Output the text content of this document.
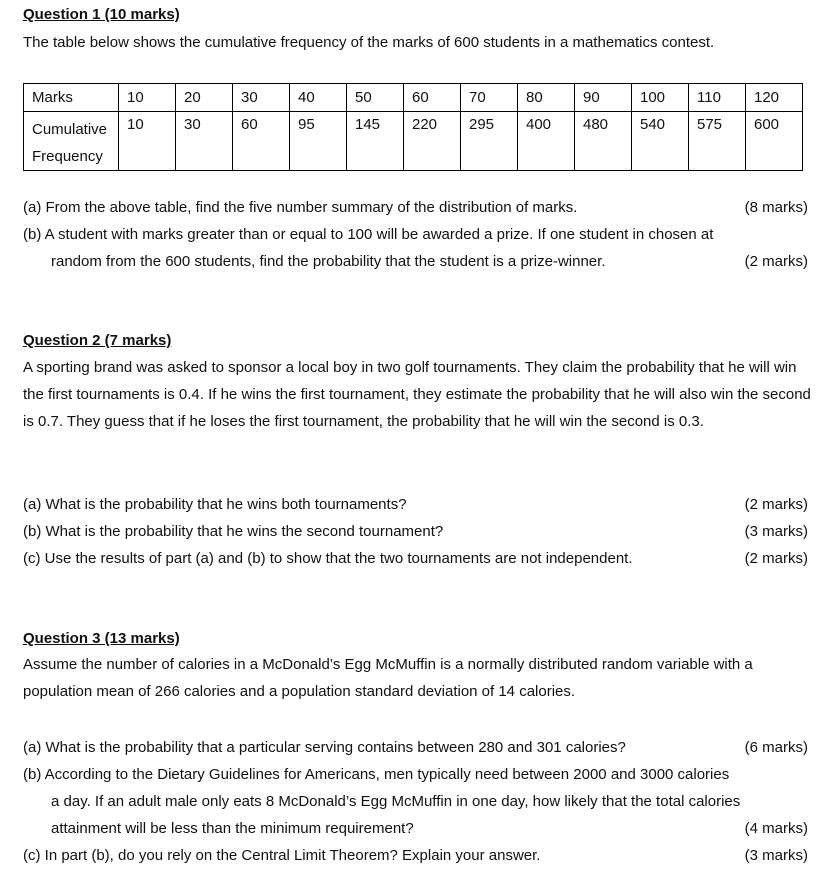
Question 1 (10 marks)
The table below shows the cumulative frequency of the marks of 600 students in a mathematics contest.
Marks	10	20	30	40	50	60	70	80	90	100	110	120
Cumulative
Frequency	10	30	60	95	145	220	295	400	480	540	575	600
(a) From the above table, find the five number summary of the distribution of marks.	(8 marks)
(b) A student with marks greater than or equal to 100 will be awarded a prize. If one student in chosen at
random from the 600 students, find the probability that the student is a prize-winner.	(2 marks)
Question 2 (7 marks)
A sporting brand was asked to sponsor a local boy in two golf tournaments. They claim the probability that he will win the first tournaments is 0.4. If he wins the first tournament, they estimate the probability that he will also win the second is 0.7. They guess that if he loses the first tournament, the probability that he will win the second is 0.3.
(a) What is the probability that he wins both tournaments?	(2 marks)
(b) What is the probability that he wins the second tournament?	(3 marks)
(c) Use the results of part (a) and (b) to show that the two tournaments are not independent.	(2 marks)
Question 3 (13 marks)
Assume the number of calories in a McDonald’s Egg McMuffin is a normally distributed random variable with a population mean of 266 calories and a population standard deviation of 14 calories.
(a) What is the probability that a particular serving contains between 280 and 301 calories?	(6 marks)
(b) According to the Dietary Guidelines for Americans, men typically need between 2000 and 3000 calories
a day. If an adult male only eats 8 McDonald’s Egg McMuffin in one day, how likely that the total calories
attainment will be less than the minimum requirement?	(4 marks)
(c) In part (b), do you rely on the Central Limit Theorem? Explain your answer.	(3 marks)
